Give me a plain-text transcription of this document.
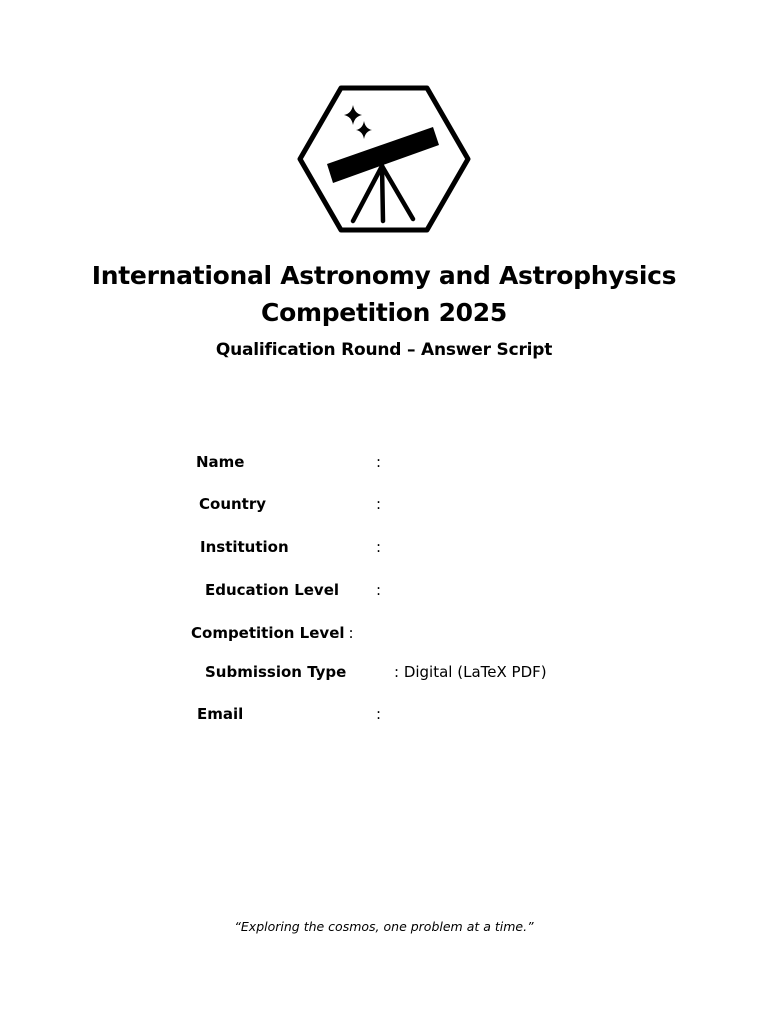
International Astronomy and Astrophysics
Competition 2025
Qualification Round – Answer Script
Name	:
Country	:
Institution	:
Education Level :
Competition Level :
Submission Type	: Digital (LaTeX PDF)
Email	:
“Exploring the cosmos, one problem at a time.”
